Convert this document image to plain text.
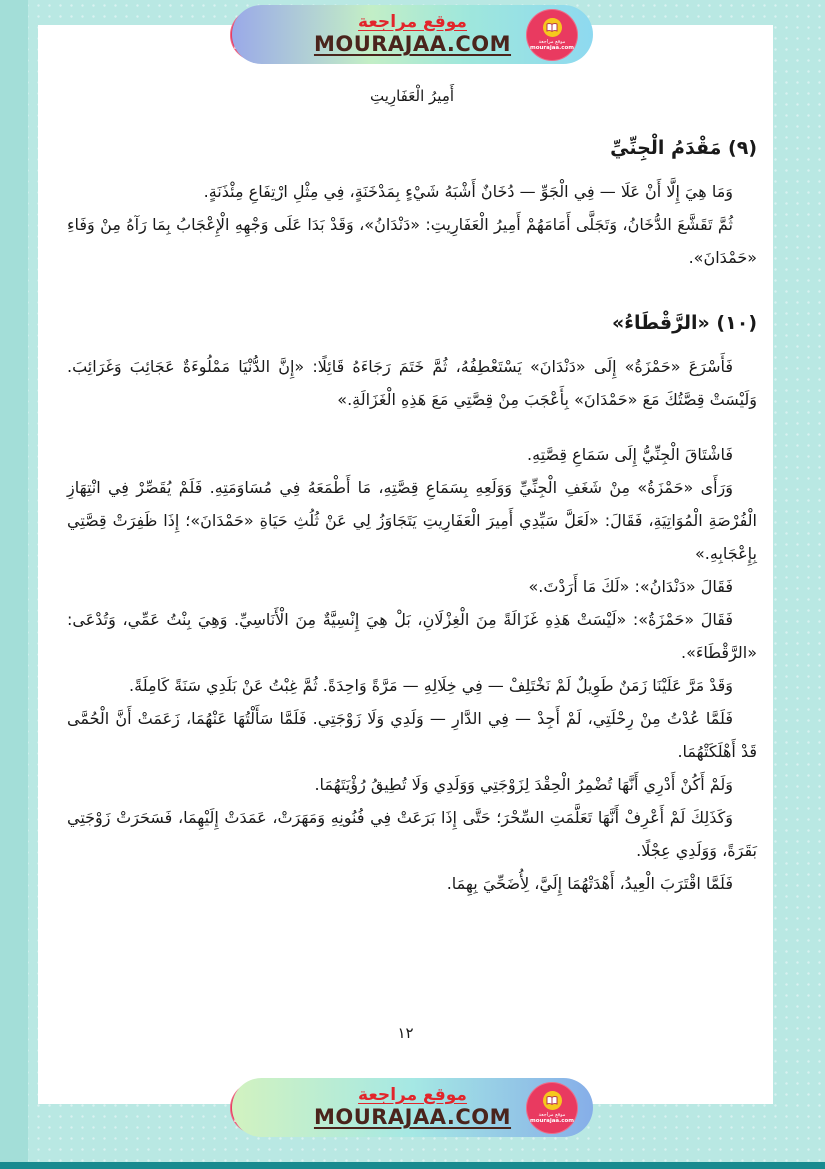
أَمِيرُ الْعَفَارِيتِ
(٩) مَقْدَمُ الْجِنِّيِّ

وَمَا هِيَ إِلَّا أَنْ عَلَا — فِي الْجَوِّ — دُخَانٌ أَشْبَهُ شَيْءٍ بِمَدْخَنَةٍ، فِي مِثْلِ ارْتِفَاعِ مِئْذَنَةٍ.

ثُمَّ تَقَشَّعَ الدُّخَانُ، وَتَجَلَّى أَمَامَهُمْ أَمِيرُ الْعَفَارِيتِ: «دَنْدَانُ»، وَقَدْ بَدَا عَلَى وَجْهِهِ الْإِعْجَابُ بِمَا رَآهُ مِنْ وَفَاءِ «حَمْدَانَ».

(١٠) «الرَّقْطَاءُ»

فَأَسْرَعَ «حَمْزَةُ» إِلَى «دَنْدَانَ» يَسْتَعْطِفُهُ، ثُمَّ خَتَمَ رَجَاءَهُ قَائِلًا: «إِنَّ الدُّنْيَا مَمْلُوءَةٌ عَجَائِبَ وَغَرَائِبَ. وَلَيْسَتْ قِصَّتُكَ مَعَ «حَمْدَانَ» بِأَعْجَبَ مِنْ قِصَّتِي مَعَ هَذِهِ الْغَزَالَةِ.»

فَاشْتَاقَ الْجِنِّيُّ إِلَى سَمَاعِ قِصَّتِهِ.

وَرَأَى «حَمْزَةُ» مِنْ شَغَفِ الْجِنِّيِّ وَوَلَعِهِ بِسَمَاعِ قِصَّتِهِ، مَا أَطْمَعَهُ فِي مُسَاوَمَتِهِ. فَلَمْ يُقَصِّرْ فِي انْتِهَازِ الْفُرْصَةِ الْمُوَاتِيَةِ، فَقَالَ: «لَعَلَّ سَيِّدِي أَمِيرَ الْعَفَارِيتِ يَتَجَاوَزُ لِي عَنْ ثُلُثِ حَيَاةِ «حَمْدَانَ»؛ إِذَا ظَفِرَتْ قِصَّتِي بِإِعْجَابِهِ.»

فَقَالَ «دَنْدَانُ»: «لَكَ مَا أَرَدْتَ.»

فَقَالَ «حَمْزَةُ»: «لَيْسَتْ هَذِهِ غَزَالَةً مِنَ الْغِزْلَانِ، بَلْ هِيَ إِنْسِيَّةٌ مِنَ الْأَنَاسِيِّ. وَهِيَ بِنْتُ عَمِّي، وَتُدْعَى: «الرَّقْطَاءَ».

وَقَدْ مَرَّ عَلَيْنَا زَمَنٌ طَوِيلٌ لَمْ نَخْتَلِفْ — فِي خِلَالِهِ — مَرَّةً وَاحِدَةً. ثُمَّ غِبْتُ عَنْ بَلَدِي سَنَةً كَامِلَةً.

فَلَمَّا عُدْتُ مِنْ رِحْلَتِي، لَمْ أَجِدْ — فِي الدَّارِ — وَلَدِي وَلَا زَوْجَتِي. فَلَمَّا سَأَلْتُهَا عَنْهُمَا، زَعَمَتْ أَنَّ الْحُمَّى قَدْ أَهْلَكَتْهُمَا.

وَلَمْ أَكُنْ أَدْرِي أَنَّهَا تُضْمِرُ الْحِقْدَ لِزَوْجَتِي وَوَلَدِي وَلَا تُطِيقُ رُؤْيَتَهُمَا.

وَكَذَلِكَ لَمْ أَعْرِفْ أَنَّهَا تَعَلَّمَتِ السِّحْرَ؛ حَتَّى إِذَا بَرَعَتْ فِي فُنُونِهِ وَمَهَرَتْ، عَمَدَتْ إِلَيْهِمَا، فَسَحَرَتْ زَوْجَتِي بَقَرَةً، وَوَلَدِي عِجْلًا.

فَلَمَّا اقْتَرَبَ الْعِيدُ، أَهْدَتْهُمَا إِلَيَّ، لِأُضَحِّيَ بِهِمَا.

١٢
موقع مراجعة
MOURAJAA.COM	موقع مراجعة
mourajaa.com
موقع مراجعة
MOURAJAA.COM	موقع مراجعة
mourajaa.com
